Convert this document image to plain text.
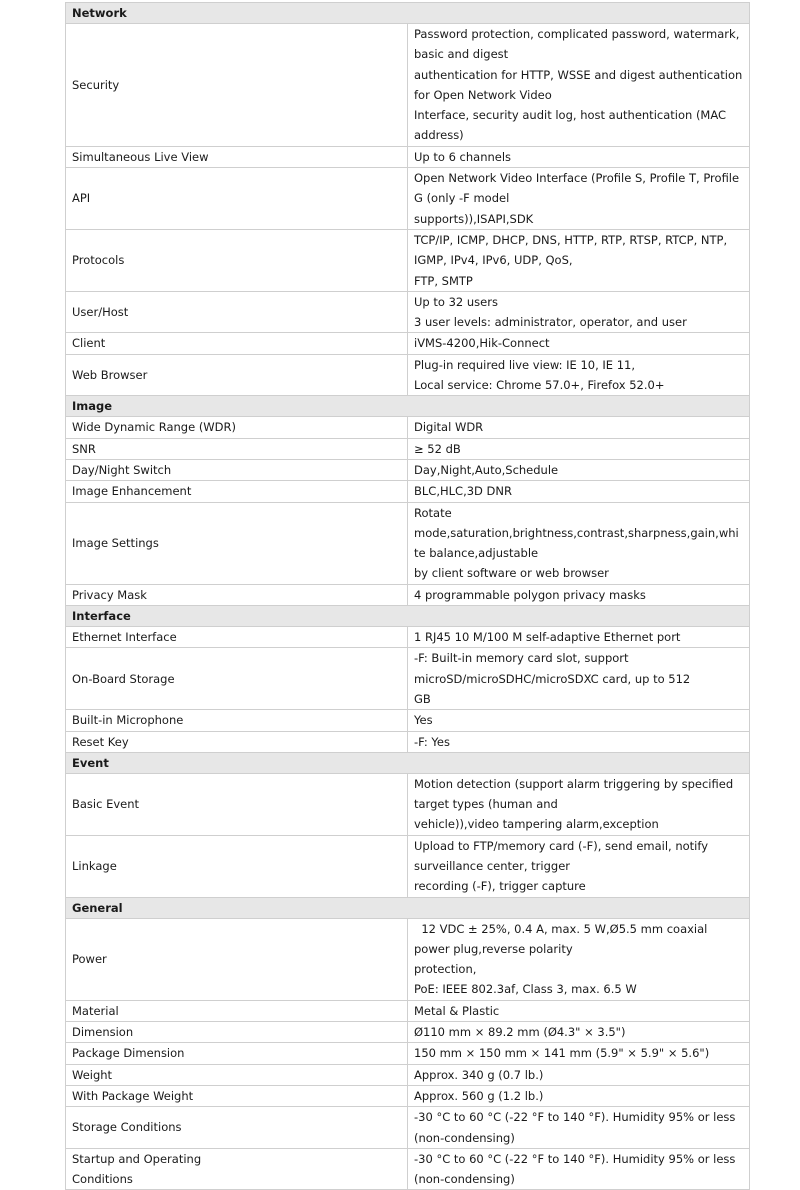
Network	

Security	Password protection, complicated password, watermark, basic and digest
authentication for HTTP, WSSE and digest authentication for Open Network Video
Interface, security audit log, host authentication (MAC address)

Simultaneous Live View	Up to 6 channels

API	Open Network Video Interface (Profile S, Profile T, Profile G (only -F model
supports)),ISAPI,SDK

Protocols	TCP/IP, ICMP, DHCP, DNS, HTTP, RTP, RTSP, RTCP, NTP, IGMP, IPv4, IPv6, UDP, QoS,
FTP, SMTP

User/Host	Up to 32 users
3 user levels: administrator, operator, and user

Client	iVMS-4200,Hik-Connect

Web Browser	Plug-in required live view: IE 10, IE 11,
Local service: Chrome 57.0+, Firefox 52.0+

Image	

Wide Dynamic Range (WDR)	Digital WDR

SNR	≥ 52 dB

Day/Night Switch	Day,Night,Auto,Schedule

Image Enhancement	BLC,HLC,3D DNR

Image Settings	Rotate mode,saturation,brightness,contrast,sharpness,gain,white balance,adjustable
by client software or web browser

Privacy Mask	4 programmable polygon privacy masks

Interface	

Ethernet Interface	1 RJ45 10 M/100 M self-adaptive Ethernet port

On-Board Storage	-F: Built-in memory card slot, support microSD/microSDHC/microSDXC card, up to 512
GB

Built-in Microphone	Yes

Reset Key	-F: Yes

Event	

Basic Event	Motion detection (support alarm triggering by specified target types (human and
vehicle)),video tampering alarm,exception

Linkage	Upload to FTP/memory card (-F), send email, notify surveillance center, trigger
recording (-F), trigger capture

General	

Power	12 VDC ± 25%, 0.4 A, max. 5 W,Ø5.5 mm coaxial power plug,reverse polarity
protection,
PoE: IEEE 802.3af, Class 3, max. 6.5 W

Material	Metal & Plastic

Dimension	Ø110 mm × 89.2 mm (Ø4.3" × 3.5")

Package Dimension	150 mm × 150 mm × 141 mm (5.9" × 5.9" × 5.6")

Weight	Approx. 340 g (0.7 lb.)

With Package Weight	Approx. 560 g (1.2 lb.)

Storage Conditions	-30 °C to 60 °C (-22 °F to 140 °F). Humidity 95% or less (non-condensing)

Startup and Operating
Conditions	-30 °C to 60 °C (-22 °F to 140 °F). Humidity 95% or less (non-condensing)
